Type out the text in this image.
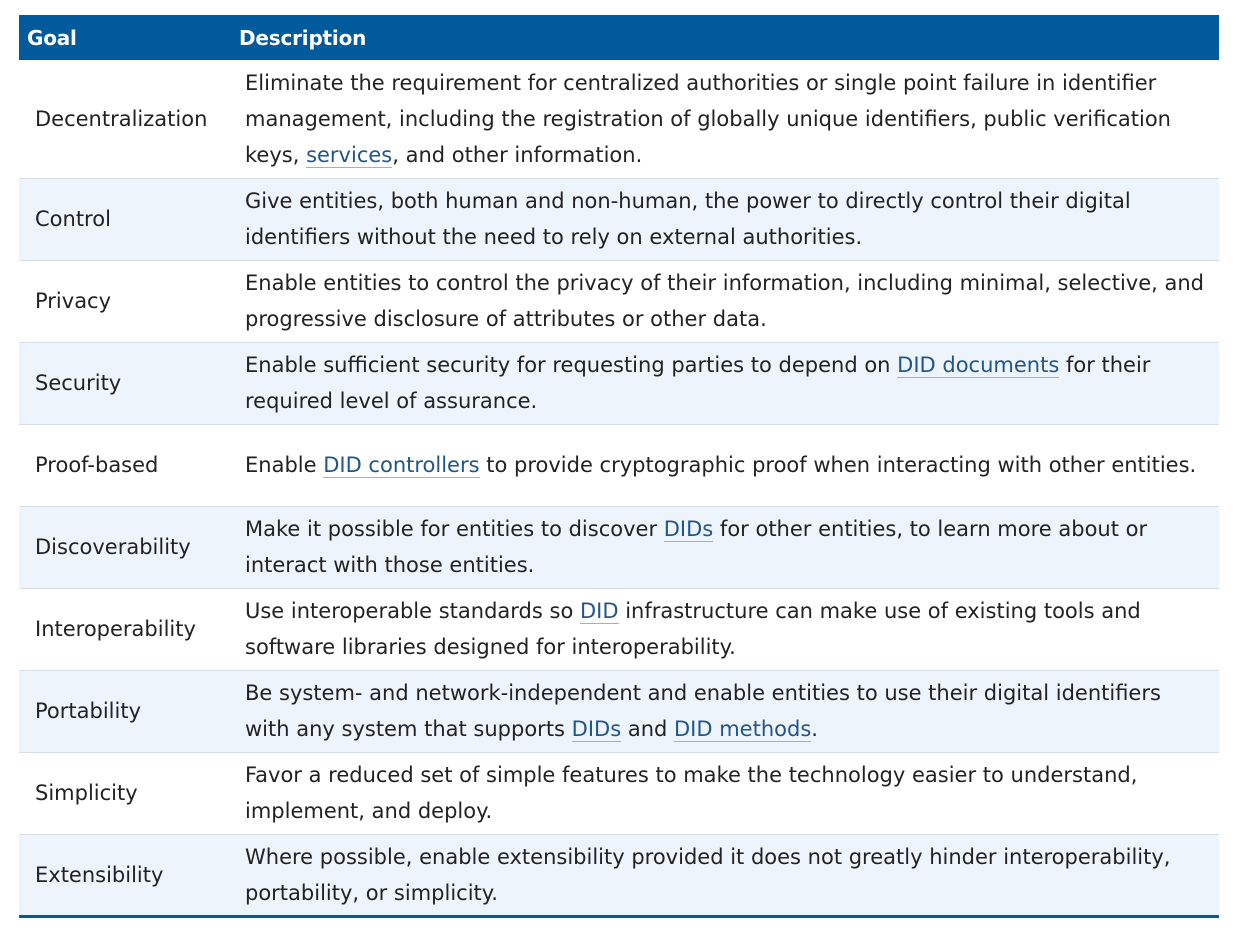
Goal	Description
Decentralization	Eliminate the requirement for centralized authorities or single point failure in identifier management, including the registration of globally unique identifiers, public verification keys, services, and other information.
Control	Give entities, both human and non-human, the power to directly control their digital identifiers without the need to rely on external authorities.
Privacy	Enable entities to control the privacy of their information, including minimal, selective, and progressive disclosure of attributes or other data.
Security	Enable sufficient security for requesting parties to depend on DID documents for their required level of assurance.
Proof-based	Enable DID controllers to provide cryptographic proof when interacting with other entities.
Discoverability	Make it possible for entities to discover DIDs for other entities, to learn more about or interact with those entities.
Interoperability	Use interoperable standards so DID infrastructure can make use of existing tools and software libraries designed for interoperability.
Portability	Be system- and network-independent and enable entities to use their digital identifiers with any system that supports DIDs and DID methods.
Simplicity	Favor a reduced set of simple features to make the technology easier to understand, implement, and deploy.
Extensibility	Where possible, enable extensibility provided it does not greatly hinder interoperability, portability, or simplicity.
